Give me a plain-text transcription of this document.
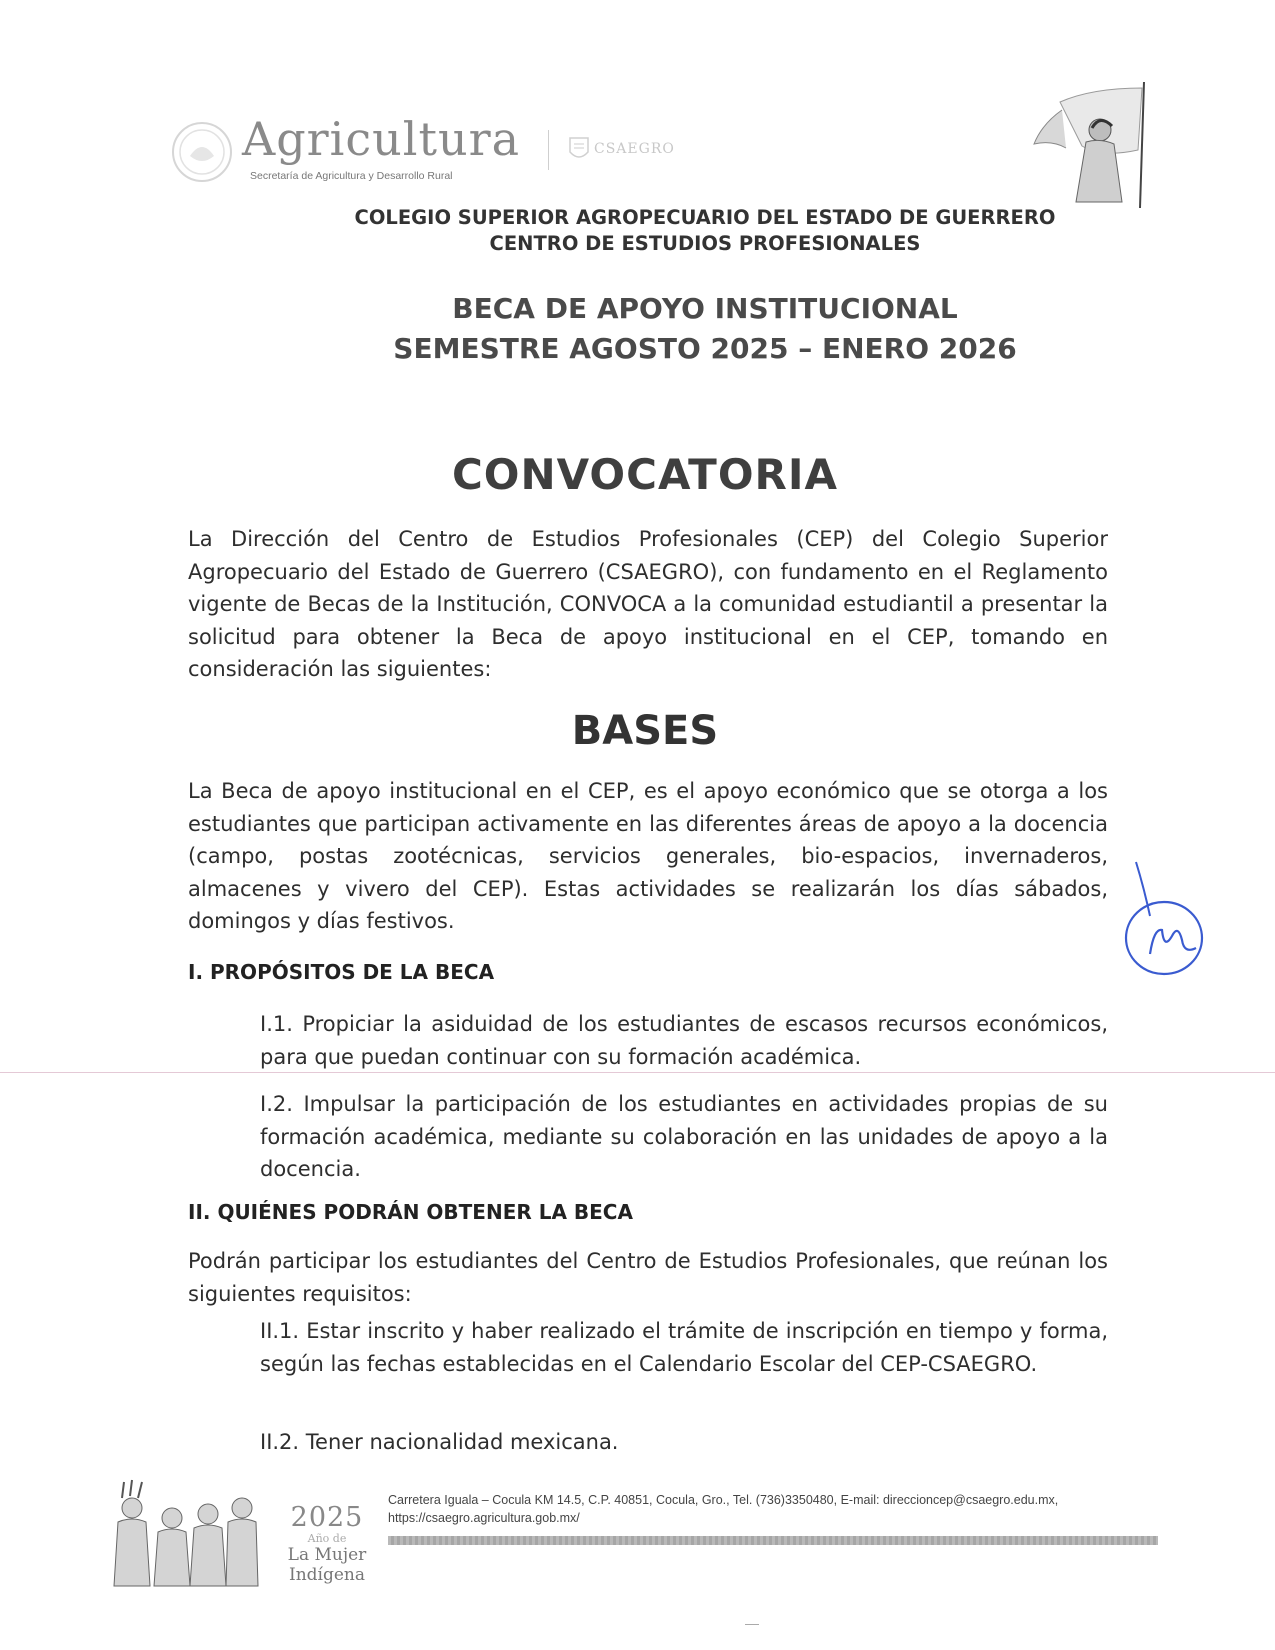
Agricultura
Secretaría de Agricultura y Desarrollo Rural
CSAEGRO
COLEGIO SUPERIOR AGROPECUARIO DEL ESTADO DE GUERRERO
CENTRO DE ESTUDIOS PROFESIONALES
BECA DE APOYO INSTITUCIONAL
SEMESTRE AGOSTO 2025 – ENERO 2026
CONVOCATORIA
La Dirección del Centro de Estudios Profesionales (CEP) del Colegio Superior Agropecuario del Estado de Guerrero (CSAEGRO), con fundamento en el Reglamento vigente de Becas de la Institución, CONVOCA a la comunidad estudiantil a presentar la solicitud para obtener la Beca de apoyo institucional en el CEP, tomando en consideración las siguientes:
BASES
La Beca de apoyo institucional en el CEP, es el apoyo económico que se otorga a los estudiantes que participan activamente en las diferentes áreas de apoyo a la docencia (campo, postas zootécnicas, servicios generales, bio-espacios, invernaderos, almacenes y vivero del CEP). Estas actividades se realizarán los días sábados, domingos y días festivos.
I. PROPÓSITOS DE LA BECA
I.1. Propiciar la asiduidad de los estudiantes de escasos recursos económicos, para que puedan continuar con su formación académica.
I.2. Impulsar la participación de los estudiantes en actividades propias de su formación académica, mediante su colaboración en las unidades de apoyo a la docencia.
II. QUIÉNES PODRÁN OBTENER LA BECA
Podrán participar los estudiantes del Centro de Estudios Profesionales, que reúnan los siguientes requisitos:
II.1. Estar inscrito y haber realizado el trámite de inscripción en tiempo y forma, según las fechas establecidas en el Calendario Escolar del CEP-CSAEGRO.
II.2. Tener nacionalidad mexicana.
2025
Año de
La Mujer
Indígena
Carretera Iguala – Cocula KM 14.5, C.P. 40851, Cocula, Gro., Tel. (736)3350480, E-mail: direccioncep@csaegro.edu.mx,
https://csaegro.agricultura.gob.mx/
